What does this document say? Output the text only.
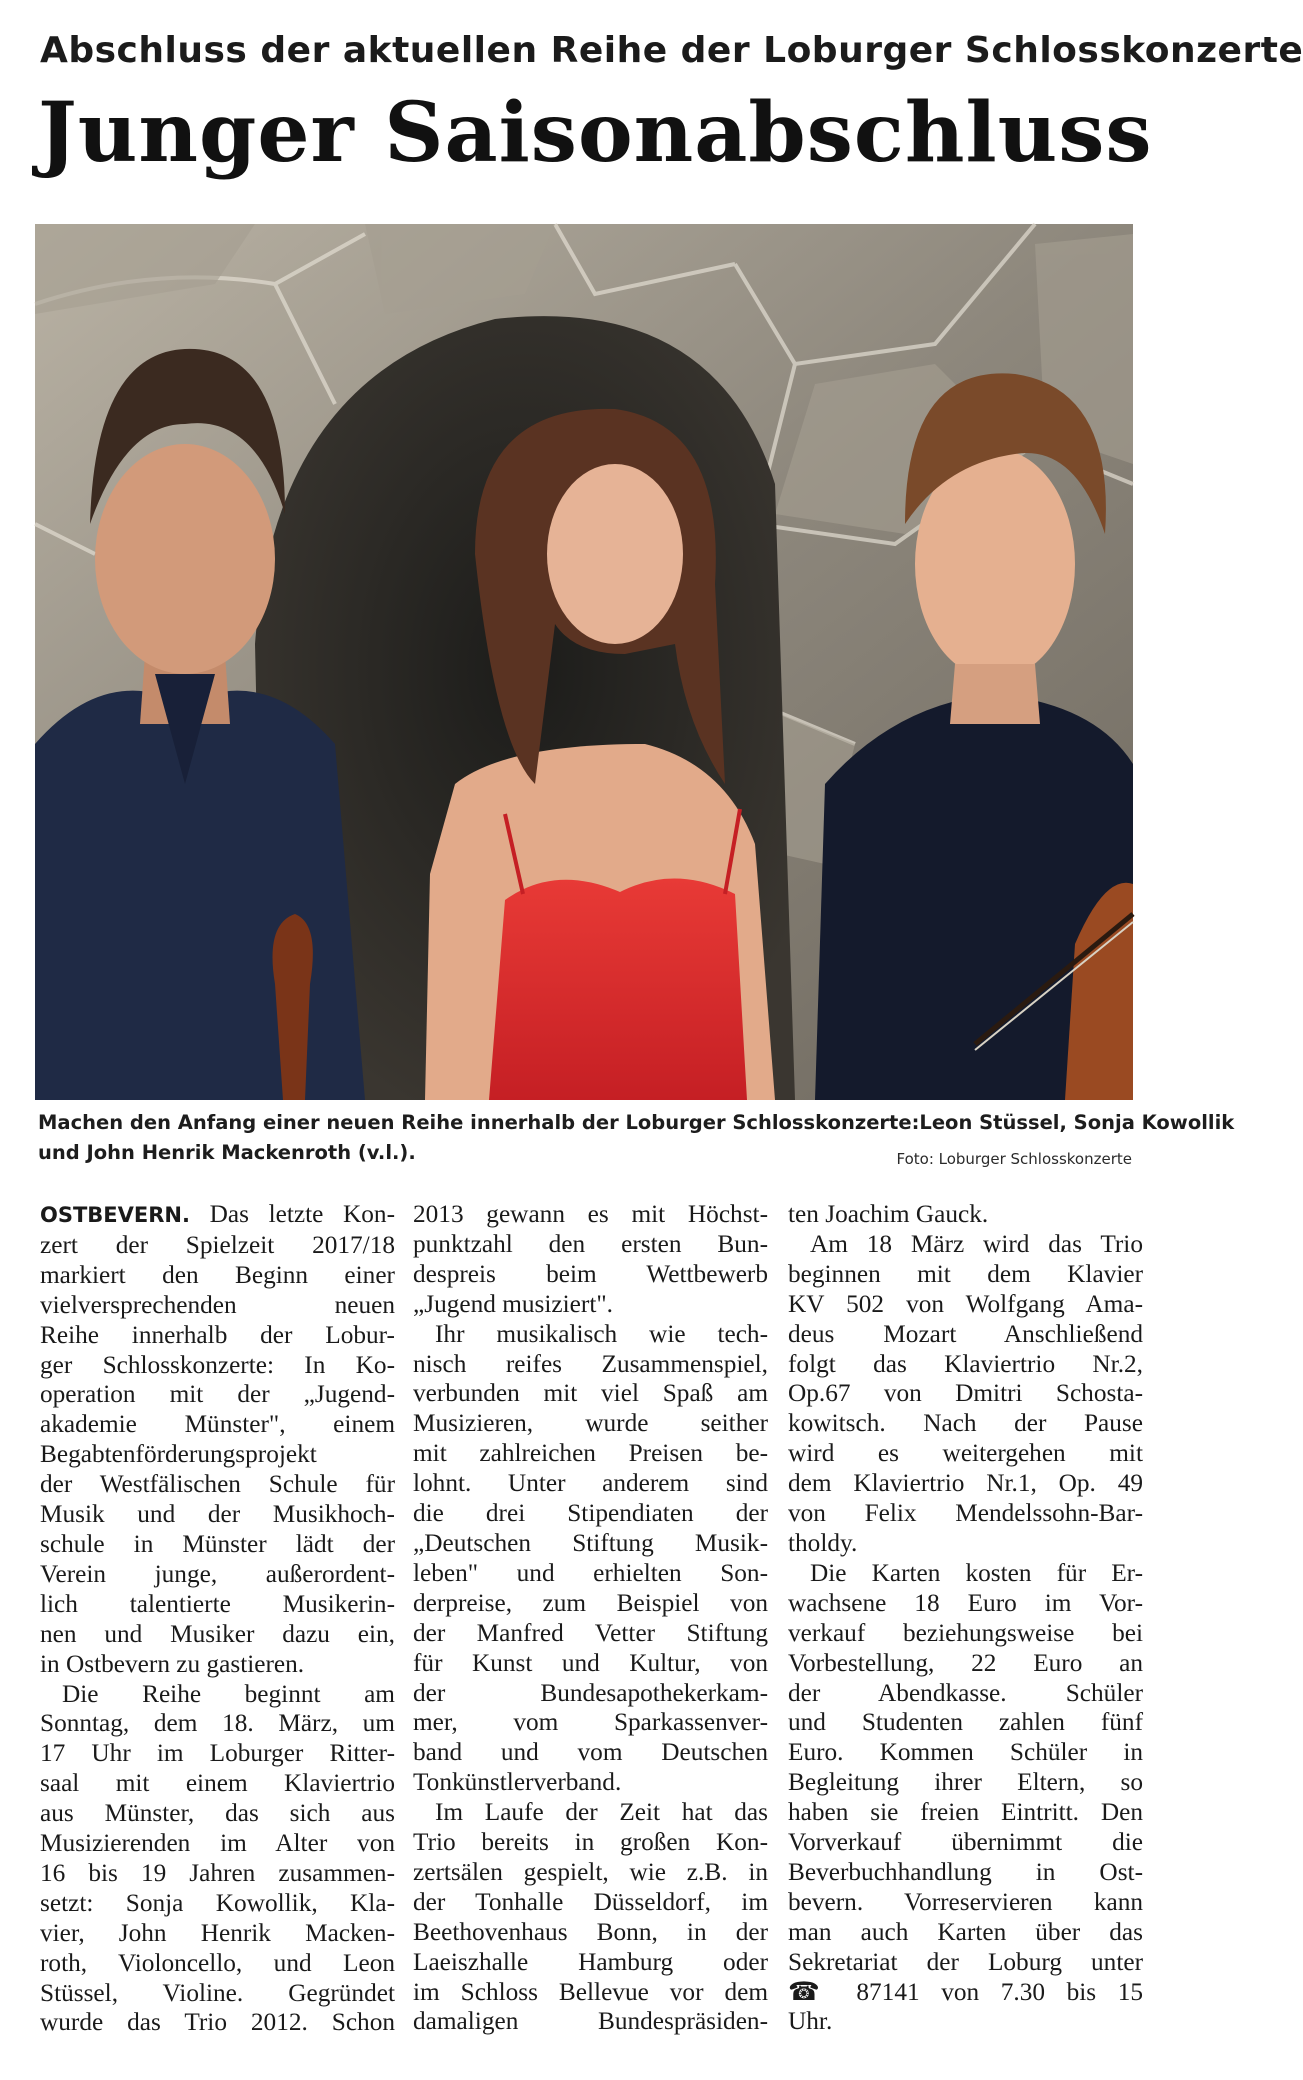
Abschluss der aktuellen Reihe der Loburger Schlosskonzerte
Junger Saisonabschluss
Machen den Anfang einer neuen Reihe innerhalb der Loburger Schlosskonzerte:Leon Stüssel, Sonja Kowollik
und John Henrik Mackenroth (v.l.).	Foto: Loburger Schlosskonzerte
OSTBEVERN. Das letzte Kon-
zert der Spielzeit 2017/18
markiert den Beginn einer
vielversprechenden neuen
Reihe innerhalb der Lobur-
ger Schlosskonzerte: In Ko-
operation mit der „Jugend-
akademie Münster", einem
Begabtenförderungsprojekt
der Westfälischen Schule für
Musik und der Musikhoch-
schule in Münster lädt der
Verein junge, außerordent-
lich talentierte Musikerin-
nen und Musiker dazu ein,
in Ostbevern zu gastieren.
Die Reihe beginnt am
Sonntag, dem 18. März, um
17 Uhr im Loburger Ritter-
saal mit einem Klaviertrio
aus Münster, das sich aus
Musizierenden im Alter von
16 bis 19 Jahren zusammen-
setzt: Sonja Kowollik, Kla-
vier, John Henrik Macken-
roth, Violoncello, und Leon
Stüssel, Violine. Gegründet
wurde das Trio 2012. Schon
2013 gewann es mit Höchst-
punktzahl den ersten Bun-
despreis beim Wettbewerb
„Jugend musiziert".
Ihr musikalisch wie tech-
nisch reifes Zusammenspiel,
verbunden mit viel Spaß am
Musizieren, wurde seither
mit zahlreichen Preisen be-
lohnt. Unter anderem sind
die drei Stipendiaten der
„Deutschen Stiftung Musik-
leben" und erhielten Son-
derpreise, zum Beispiel von
der Manfred Vetter Stiftung
für Kunst und Kultur, von
der Bundesapothekerkam-
mer, vom Sparkassenver-
band und vom Deutschen
Tonkünstlerverband.
Im Laufe der Zeit hat das
Trio bereits in großen Kon-
zertsälen gespielt, wie z.B. in
der Tonhalle Düsseldorf, im
Beethovenhaus Bonn, in der
Laeiszhalle Hamburg oder
im Schloss Bellevue vor dem
damaligen Bundespräsiden-
ten Joachim Gauck.
Am 18 März wird das Trio
beginnen mit dem Klavier
KV 502 von Wolfgang Ama-
deus Mozart Anschließend
folgt das Klaviertrio Nr.2,
Op.67 von Dmitri Schosta-
kowitsch. Nach der Pause
wird es weitergehen mit
dem Klaviertrio Nr.1, Op. 49
von Felix Mendelssohn-Bar-
tholdy.
Die Karten kosten für Er-
wachsene 18 Euro im Vor-
verkauf beziehungsweise bei
Vorbestellung, 22 Euro an
der Abendkasse. Schüler
und Studenten zahlen fünf
Euro. Kommen Schüler in
Begleitung ihrer Eltern, so
haben sie freien Eintritt. Den
Vorverkauf übernimmt die
Beverbuchhandlung in Ost-
bevern. Vorreservieren kann
man auch Karten über das
Sekretariat der Loburg unter
☎ 87141 von 7.30 bis 15
Uhr.
